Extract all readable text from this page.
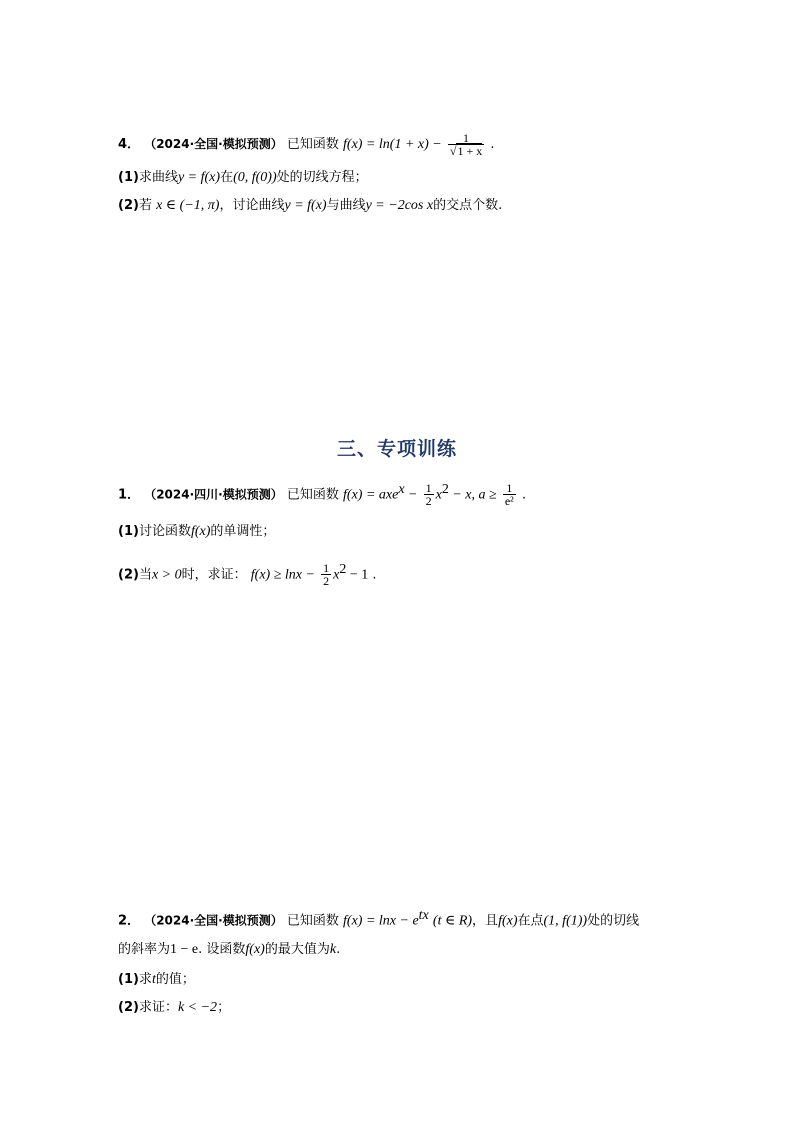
4． （2024·全国·模拟预测） 已知函数 $f(x) = \ln(1 + x) - \frac{1}{√1 + x}$ .
(1)求曲线y = f(x)在(0, f(0))处的切线方程；
(2)若 x ∈ (−1, π)，讨论曲线y = f(x)与曲线y = −2cos x的交点个数.
三、专项训练
1． （2024·四川·模拟预测） 已知函数 $f(x) = axe^x - \frac{1}{2} x^2 - x$, $a \ge \frac{1}{\text{e²}}$ .
(1)讨论函数f(x)的单调性；
(2)当x > 0时，求证： $f(x) \ge \ln x - \frac{1}{2} x^2 - 1$ .
2． （2024·全国·模拟预测） 已知函数 $f(x) = \ln x - e^{tx}$ (t ∈ R)，且f(x)在点(1, f(1))处的切线
的斜率为1 − e. 设函数f(x)的最大值为k.
(1)求t的值；
(2)求证：k < −2；
